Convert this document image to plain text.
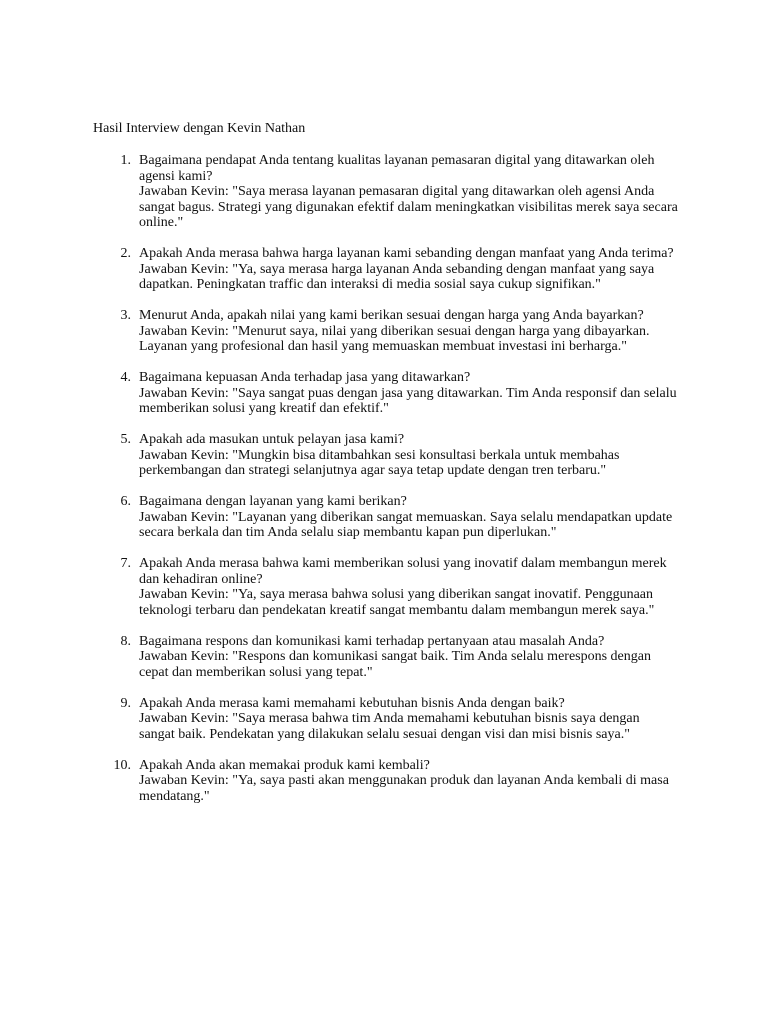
Hasil Interview dengan Kevin Nathan
1. Bagaimana pendapat Anda tentang kualitas layanan pemasaran digital yang ditawarkan oleh agensi kami?
Jawaban Kevin: "Saya merasa layanan pemasaran digital yang ditawarkan oleh agensi Anda sangat bagus. Strategi yang digunakan efektif dalam meningkatkan visibilitas merek saya secara online."
2. Apakah Anda merasa bahwa harga layanan kami sebanding dengan manfaat yang Anda terima?
Jawaban Kevin: "Ya, saya merasa harga layanan Anda sebanding dengan manfaat yang saya dapatkan. Peningkatan traffic dan interaksi di media sosial saya cukup signifikan."
3. Menurut Anda, apakah nilai yang kami berikan sesuai dengan harga yang Anda bayarkan?
Jawaban Kevin: "Menurut saya, nilai yang diberikan sesuai dengan harga yang dibayarkan. Layanan yang profesional dan hasil yang memuaskan membuat investasi ini berharga."
4. Bagaimana kepuasan Anda terhadap jasa yang ditawarkan?
Jawaban Kevin: "Saya sangat puas dengan jasa yang ditawarkan. Tim Anda responsif dan selalu memberikan solusi yang kreatif dan efektif."
5. Apakah ada masukan untuk pelayan jasa kami?
Jawaban Kevin: "Mungkin bisa ditambahkan sesi konsultasi berkala untuk membahas perkembangan dan strategi selanjutnya agar saya tetap update dengan tren terbaru."
6. Bagaimana dengan layanan yang kami berikan?
Jawaban Kevin: "Layanan yang diberikan sangat memuaskan. Saya selalu mendapatkan update secara berkala dan tim Anda selalu siap membantu kapan pun diperlukan."
7. Apakah Anda merasa bahwa kami memberikan solusi yang inovatif dalam membangun merek dan kehadiran online?
Jawaban Kevin: "Ya, saya merasa bahwa solusi yang diberikan sangat inovatif. Penggunaan teknologi terbaru dan pendekatan kreatif sangat membantu dalam membangun merek saya."
8. Bagaimana respons dan komunikasi kami terhadap pertanyaan atau masalah Anda?
Jawaban Kevin: "Respons dan komunikasi sangat baik. Tim Anda selalu merespons dengan cepat dan memberikan solusi yang tepat."
9. Apakah Anda merasa kami memahami kebutuhan bisnis Anda dengan baik?
Jawaban Kevin: "Saya merasa bahwa tim Anda memahami kebutuhan bisnis saya dengan sangat baik. Pendekatan yang dilakukan selalu sesuai dengan visi dan misi bisnis saya."
10. Apakah Anda akan memakai produk kami kembali?
Jawaban Kevin: "Ya, saya pasti akan menggunakan produk dan layanan Anda kembali di masa mendatang."
